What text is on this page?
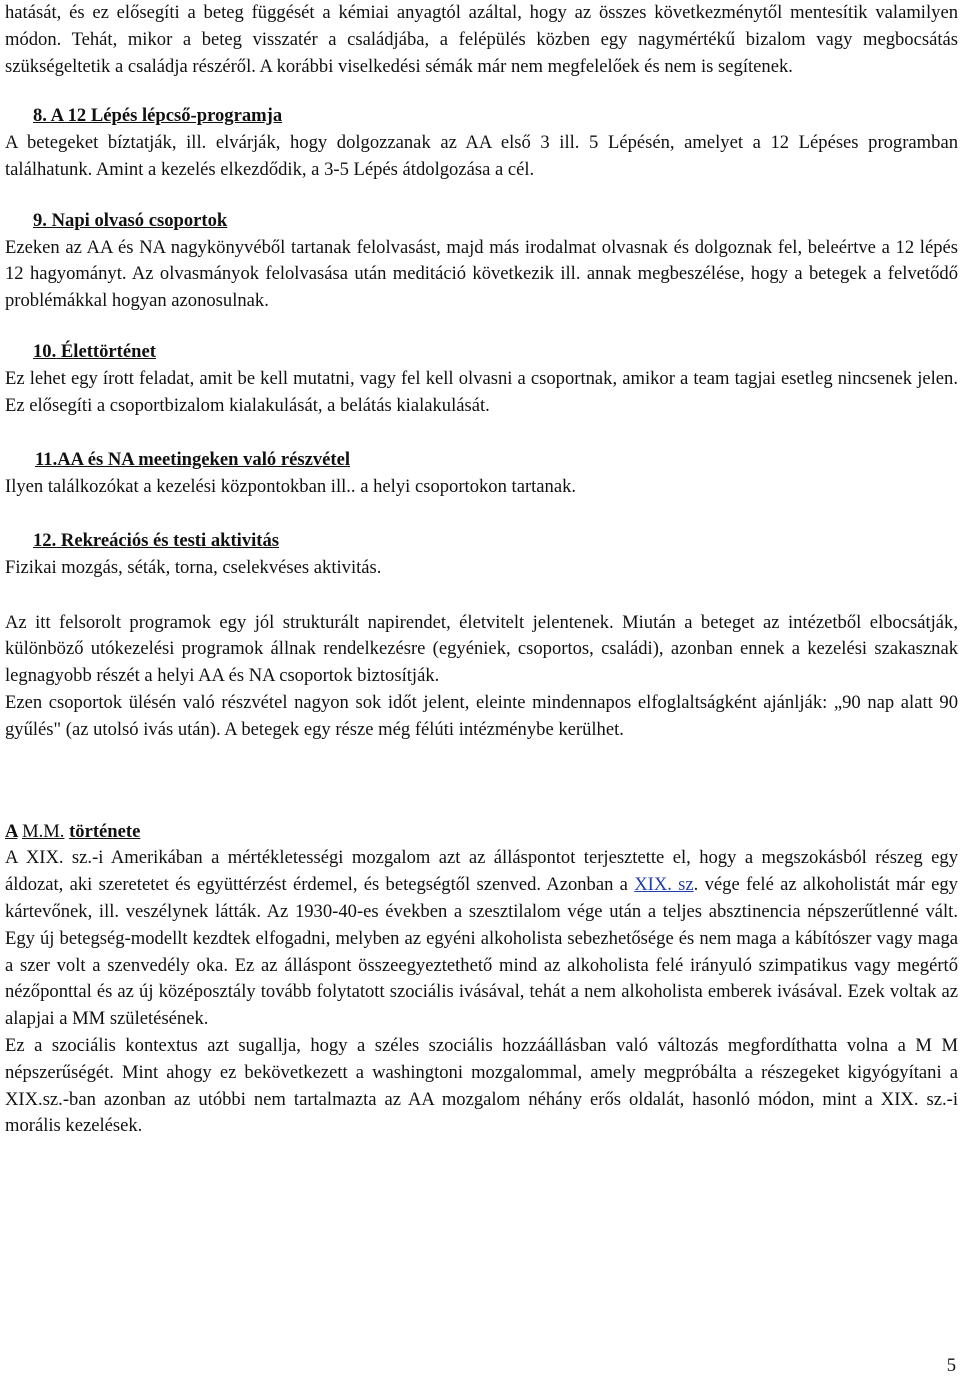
hatását, és ez elősegíti a beteg függését a kémiai anyagtól azáltal, hogy az összes következménytől mentesítik valamilyen módon. Tehát, mikor a beteg visszatér a családjába, a felépülés közben egy nagymértékű bizalom vagy megbocsátás szükségeltetik a családja részéről. A korábbi viselkedési sémák már nem megfelelőek és nem is segítenek.

8. A 12 Lépés lépcső-programja

A betegeket bíztatják, ill. elvárják, hogy dolgozzanak az AA első 3 ill. 5 Lépésén, amelyet a 12 Lépéses programban találhatunk. Amint a kezelés elkezdődik, a 3-5 Lépés átdolgozása a cél.

9. Napi olvasó csoportok

Ezeken az AA és NA nagykönyvéből tartanak felolvasást, majd más irodalmat olvasnak és dolgoznak fel, beleértve a 12 lépés 12 hagyományt. Az olvasmányok felolvasása után meditáció következik ill. annak megbeszélése, hogy a betegek a felvetődő problémákkal hogyan azonosulnak.

10. Élettörténet

Ez lehet egy írott feladat, amit be kell mutatni, vagy fel kell olvasni a csoportnak, amikor a team tagjai esetleg nincsenek jelen. Ez elősegíti a csoportbizalom kialakulását, a belátás kialakulását.

11.AA és NA meetingeken való részvétel

Ilyen találkozókat a kezelési központokban ill.. a helyi csoportokon tartanak.

12. Rekreációs és testi aktivitás

Fizikai mozgás, séták, torna, cselekvéses aktivitás.

Az itt felsorolt programok egy jól strukturált napirendet, életvitelt jelentenek. Miután a beteget az intézetből elbocsátják, különböző utókezelési programok állnak rendelkezésre (egyéniek, csoportos, családi), azonban ennek a kezelési szakasznak legnagyobb részét a helyi AA és NA csoportok biztosítják.

Ezen csoportok ülésén való részvétel nagyon sok időt jelent, eleinte mindennapos elfoglaltságként ajánlják: „90 nap alatt 90 gyűlés" (az utolsó ivás után). A betegek egy része még félúti intézménybe kerülhet.

A M.M. története

A XIX. sz.-i Amerikában a mértékletességi mozgalom azt az álláspontot terjesztette el, hogy a megszokásból részeg egy áldozat, aki szeretetet és együttérzést érdemel, és betegségtől szenved. Azonban a XIX. sz. vége felé az alkoholistát már egy kártevőnek, ill. veszélynek látták. Az 1930-40-es években a szesztilalom vége után a teljes absztinencia népszerűtlenné vált. Egy új betegség-modellt kezdtek elfogadni, melyben az egyéni alkoholista sebezhetősége és nem maga a kábítószer vagy maga a szer volt a szenvedély oka. Ez az álláspont összeegyeztethető mind az alkoholista felé irányuló szimpatikus vagy megértő nézőponttal és az új középosztály tovább folytatott szociális ivásával, tehát a nem alkoholista emberek ivásával. Ezek voltak az alapjai a MM születésének.

Ez a szociális kontextus azt sugallja, hogy a széles szociális hozzáállásban való változás megfordíthatta volna a M M népszerűségét. Mint ahogy ez bekövetkezett a washingtoni mozgalommal, amely megpróbálta a részegeket kigyógyítani a XIX.sz.-ban azonban az utóbbi nem tartalmazta az AA mozgalom néhány erős oldalát, hasonló módon, mint a XIX. sz.-i morális kezelések.

5
